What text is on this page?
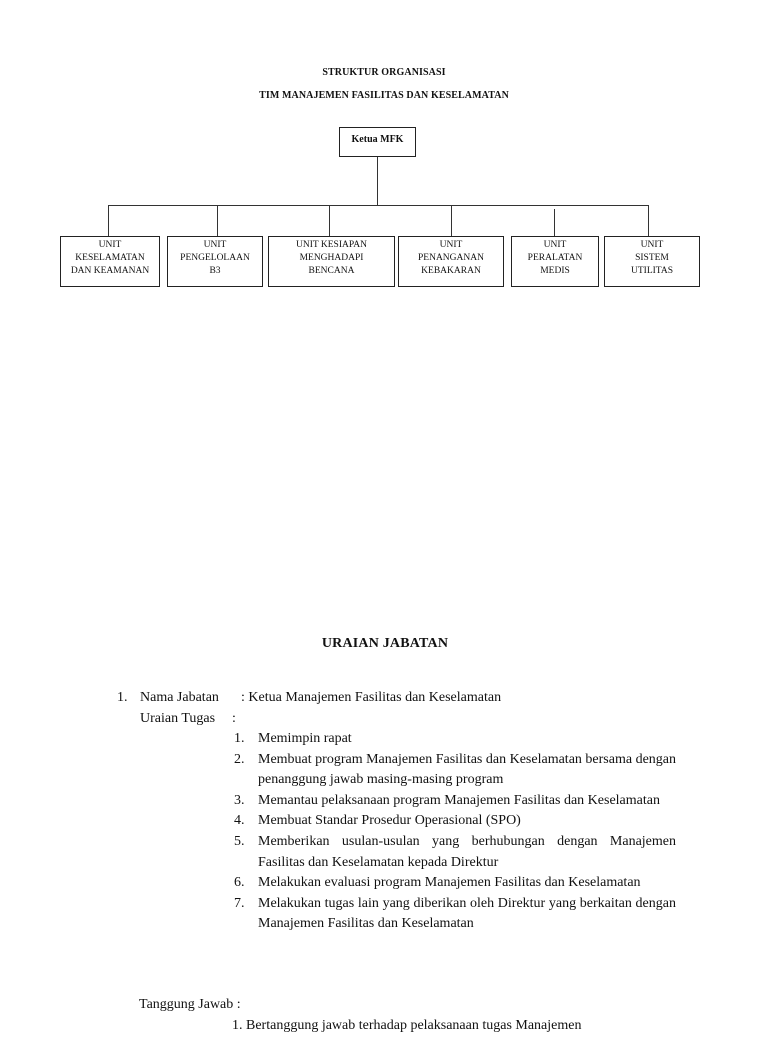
STRUKTUR ORGANISASI
TIM MANAJEMEN FASILITAS DAN KESELAMATAN
Ketua MFK
UNIT
KESELAMATAN
DAN KEAMANAN
UNIT
PENGELOLAAN
B3
UNIT KESIAPAN
MENGHADAPI
BENCANA
UNIT
PENANGANAN
KEBAKARAN
UNIT
PERALATAN
MEDIS
UNIT
SISTEM
UTILITAS
URAIAN JABATAN
1. Nama Jabatan : Ketua Manajemen Fasilitas dan Keselamatan
Uraian Tugas :
1. Memimpin rapat
2. Membuat program Manajemen Fasilitas dan Keselamatan bersama dengan penanggung jawab masing-masing program
3. Memantau pelaksanaan program Manajemen Fasilitas dan Keselamatan
4. Membuat Standar Prosedur Operasional (SPO)
5. Memberikan usulan-usulan yang berhubungan dengan Manajemen Fasilitas dan Keselamatan kepada Direktur
6. Melakukan evaluasi program Manajemen Fasilitas dan Keselamatan
7. Melakukan tugas lain yang diberikan oleh Direktur yang berkaitan dengan Manajemen Fasilitas dan Keselamatan
Tanggung Jawab :
1. Bertanggung jawab terhadap pelaksanaan tugas Manajemen
